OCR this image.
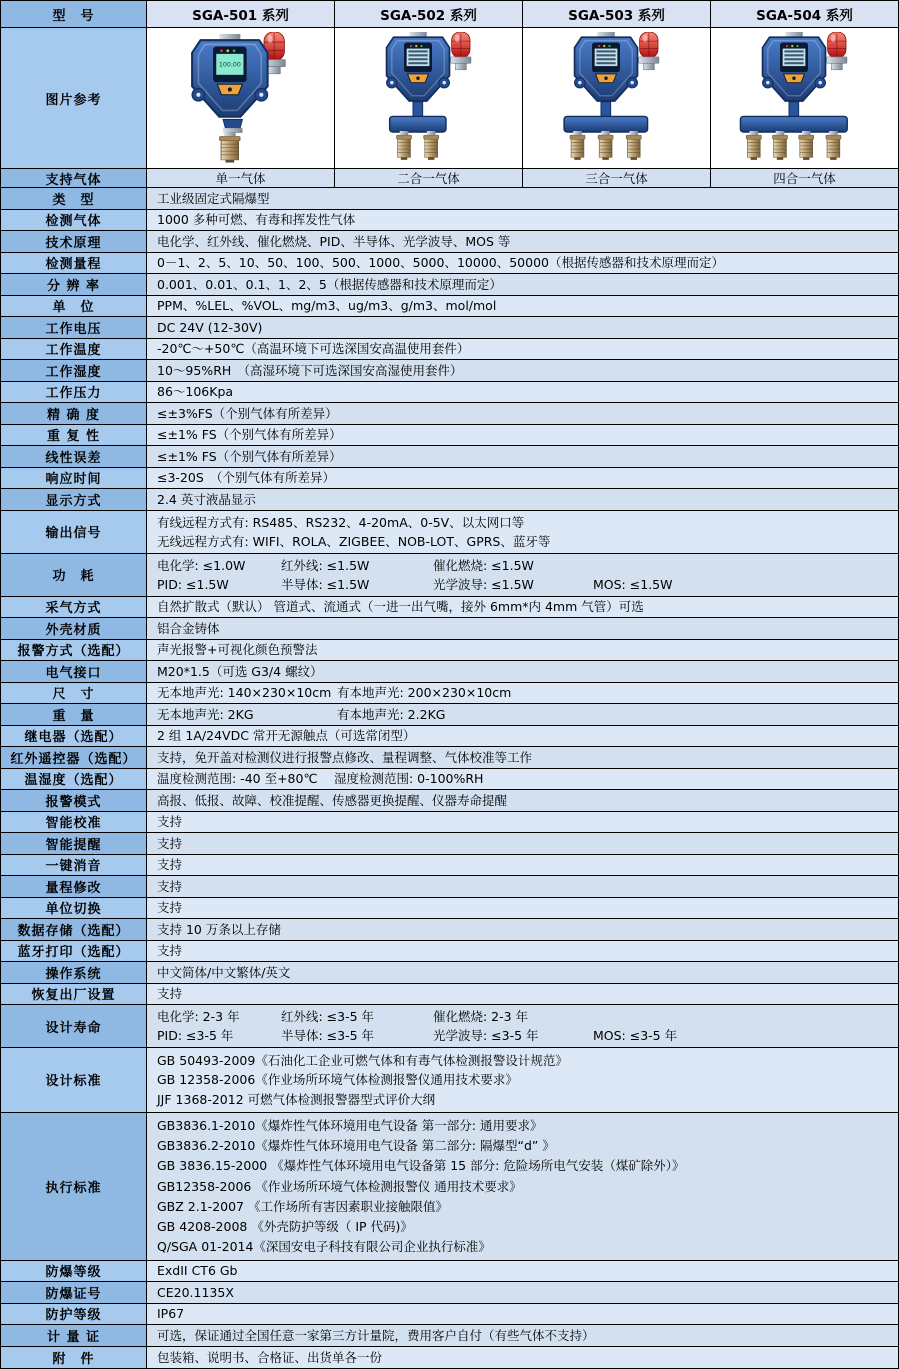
型　号	SGA-501 系列	SGA-502 系列	SGA-503 系列	SGA-504 系列
图片参考
支持气体	单一气体	二合一气体	三合一气体	四合一气体
类　型	工业级固定式隔爆型
检测气体	1000 多种可燃、有毒和挥发性气体
技术原理	电化学、红外线、催化燃烧、PID、半导体、光学波导、MOS 等
检测量程	0－1、2、5、10、50、100、500、1000、5000、10000、50000（根据传感器和技术原理而定）
分 辨 率	0.001、0.01、0.1、1、2、5（根据传感器和技术原理而定）
单　位	PPM、%LEL、%VOL、mg/m3、ug/m3、g/m3、mol/mol
工作电压	DC 24V (12-30V)
工作温度	-20℃～+50℃（高温环境下可选深国安高温使用套件）
工作湿度	10～95%RH　（高湿环境下可选深国安高湿使用套件）
工作压力	86～106Kpa
精 确 度	≤±3%FS（个别气体有所差异）
重 复 性	≤±1% FS（个别气体有所差异）
线性误差	≤±1% FS（个别气体有所差异）
响应时间	≤3-20S　（个别气体有所差异）
显示方式	2.4 英寸液晶显示
输出信号
有线远程方式有: RS485、RS232、4-20mA、0-5V、以太网口等
无线远程方式有: WIFI、ROLA、ZIGBEE、NOB-LOT、GPRS、蓝牙等
功　耗
电化学: ≤1.0W	红外线: ≤1.5W	催化燃烧: ≤1.5W
PID: ≤1.5W	半导体: ≤1.5W	光学波导: ≤1.5W	MOS: ≤1.5W
采气方式	自然扩散式（默认） 管道式、流通式（一进一出气嘴，接外 6mm*内 4mm 气管）可选
外壳材质	铝合金铸体
报警方式（选配）	声光报警+可视化颜色预警法
电气接口	M20*1.5（可选 G3/4 螺纹）
尺　寸	无本地声光: 140×230×10cm 有本地声光: 200×230×10cm
重　量	无本地声光: 2KG	有本地声光: 2.2KG
继电器（选配）	2 组 1A/24VDC 常开无源触点（可选常闭型）
红外遥控器（选配）	支持，免开盖对检测仪进行报警点修改、量程调整、气体校准等工作
温湿度（选配）	温度检测范围: -40 至+80℃　 湿度检测范围: 0-100%RH
报警模式	高报、低报、故障、校准提醒、传感器更换提醒、仪器寿命提醒
智能校准	支持
智能提醒	支持
一键消音	支持
量程修改	支持
单位切换	支持
数据存储（选配）	支持 10 万条以上存储
蓝牙打印（选配）	支持
操作系统	中文简体/中文繁体/英文
恢复出厂设置	支持
设计寿命
电化学: 2-3 年	红外线: ≤3-5 年	催化燃烧: 2-3 年
PID: ≤3-5 年	半导体: ≤3-5 年	光学波导: ≤3-5 年	MOS: ≤3-5 年
设计标准
GB 50493-2009《石油化工企业可燃气体和有毒气体检测报警设计规范》
GB 12358-2006《作业场所环境气体检测报警仪通用技术要求》
JJF 1368-2012 可燃气体检测报警器型式评价大纲
执行标准
GB3836.1-2010《爆炸性气体环境用电气设备 第一部分: 通用要求》
GB3836.2-2010《爆炸性气体环境用电气设备 第二部分: 隔爆型“d” 》
GB 3836.15-2000 《爆炸性气体环境用电气设备第 15 部分: 危险场所电气安装（煤矿除外）》
GB12358-2006 《作业场所环境气体检测报警仪 通用技术要求》
GBZ 2.1-2007 《工作场所有害因素职业接触限值》
GB 4208-2008 《外壳防护等级（ IP 代码)》
Q/SGA 01-2014《深国安电子科技有限公司企业执行标准》
防爆等级	ExdII CT6 Gb
防爆证号	CE20.1135X
防护等级	IP67
计 量 证	可选，保证通过全国任意一家第三方计量院，费用客户自付（有些气体不支持）
附　件	包装箱、说明书、合格证、出货单各一份
